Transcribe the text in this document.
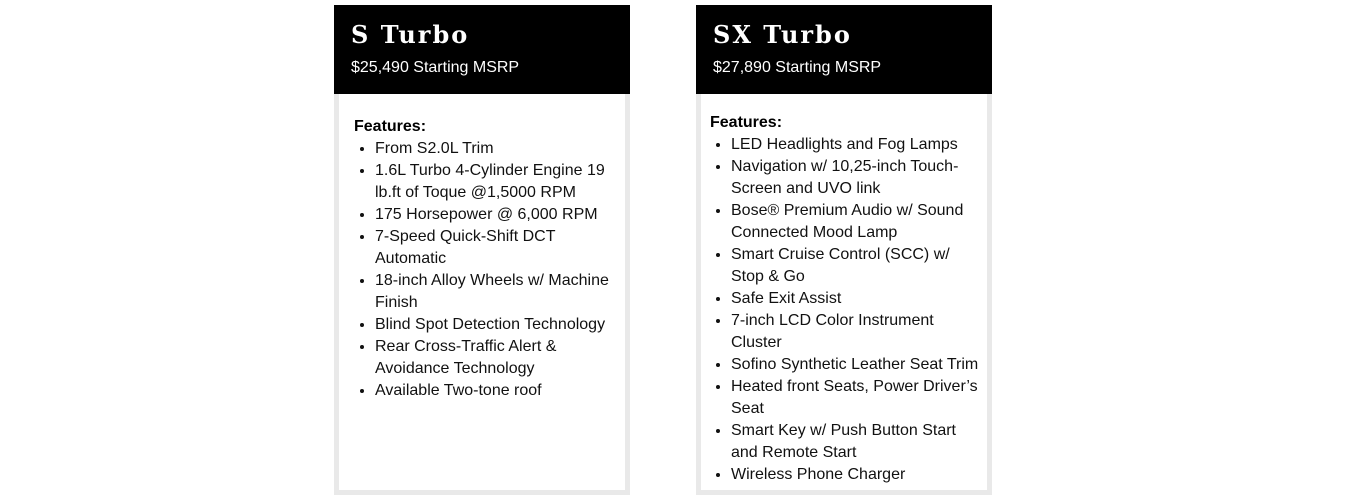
S Turbo
$25,490 Starting MSRP
Features:
• From S2.0L Trim
• 1.6L Turbo 4-Cylinder Engine 19 lb.ft of Toque @1,5000 RPM
• 175 Horsepower @ 6,000 RPM
• 7-Speed Quick-Shift DCT Automatic
• 18-inch Alloy Wheels w/ Machine Finish
• Blind Spot Detection Technology
• Rear Cross-Traffic Alert & Avoidance Technology
• Available Two-tone roof
SX Turbo
$27,890 Starting MSRP
Features:
• LED Headlights and Fog Lamps
• Navigation w/ 10,25-inch Touch-Screen and UVO link
• Bose® Premium Audio w/ Sound Connected Mood Lamp
• Smart Cruise Control (SCC) w/ Stop & Go
• Safe Exit Assist
• 7-inch LCD Color Instrument Cluster
• Sofino Synthetic Leather Seat Trim
• Heated front Seats, Power Driver’s Seat
• Smart Key w/ Push Button Start and Remote Start
• Wireless Phone Charger
